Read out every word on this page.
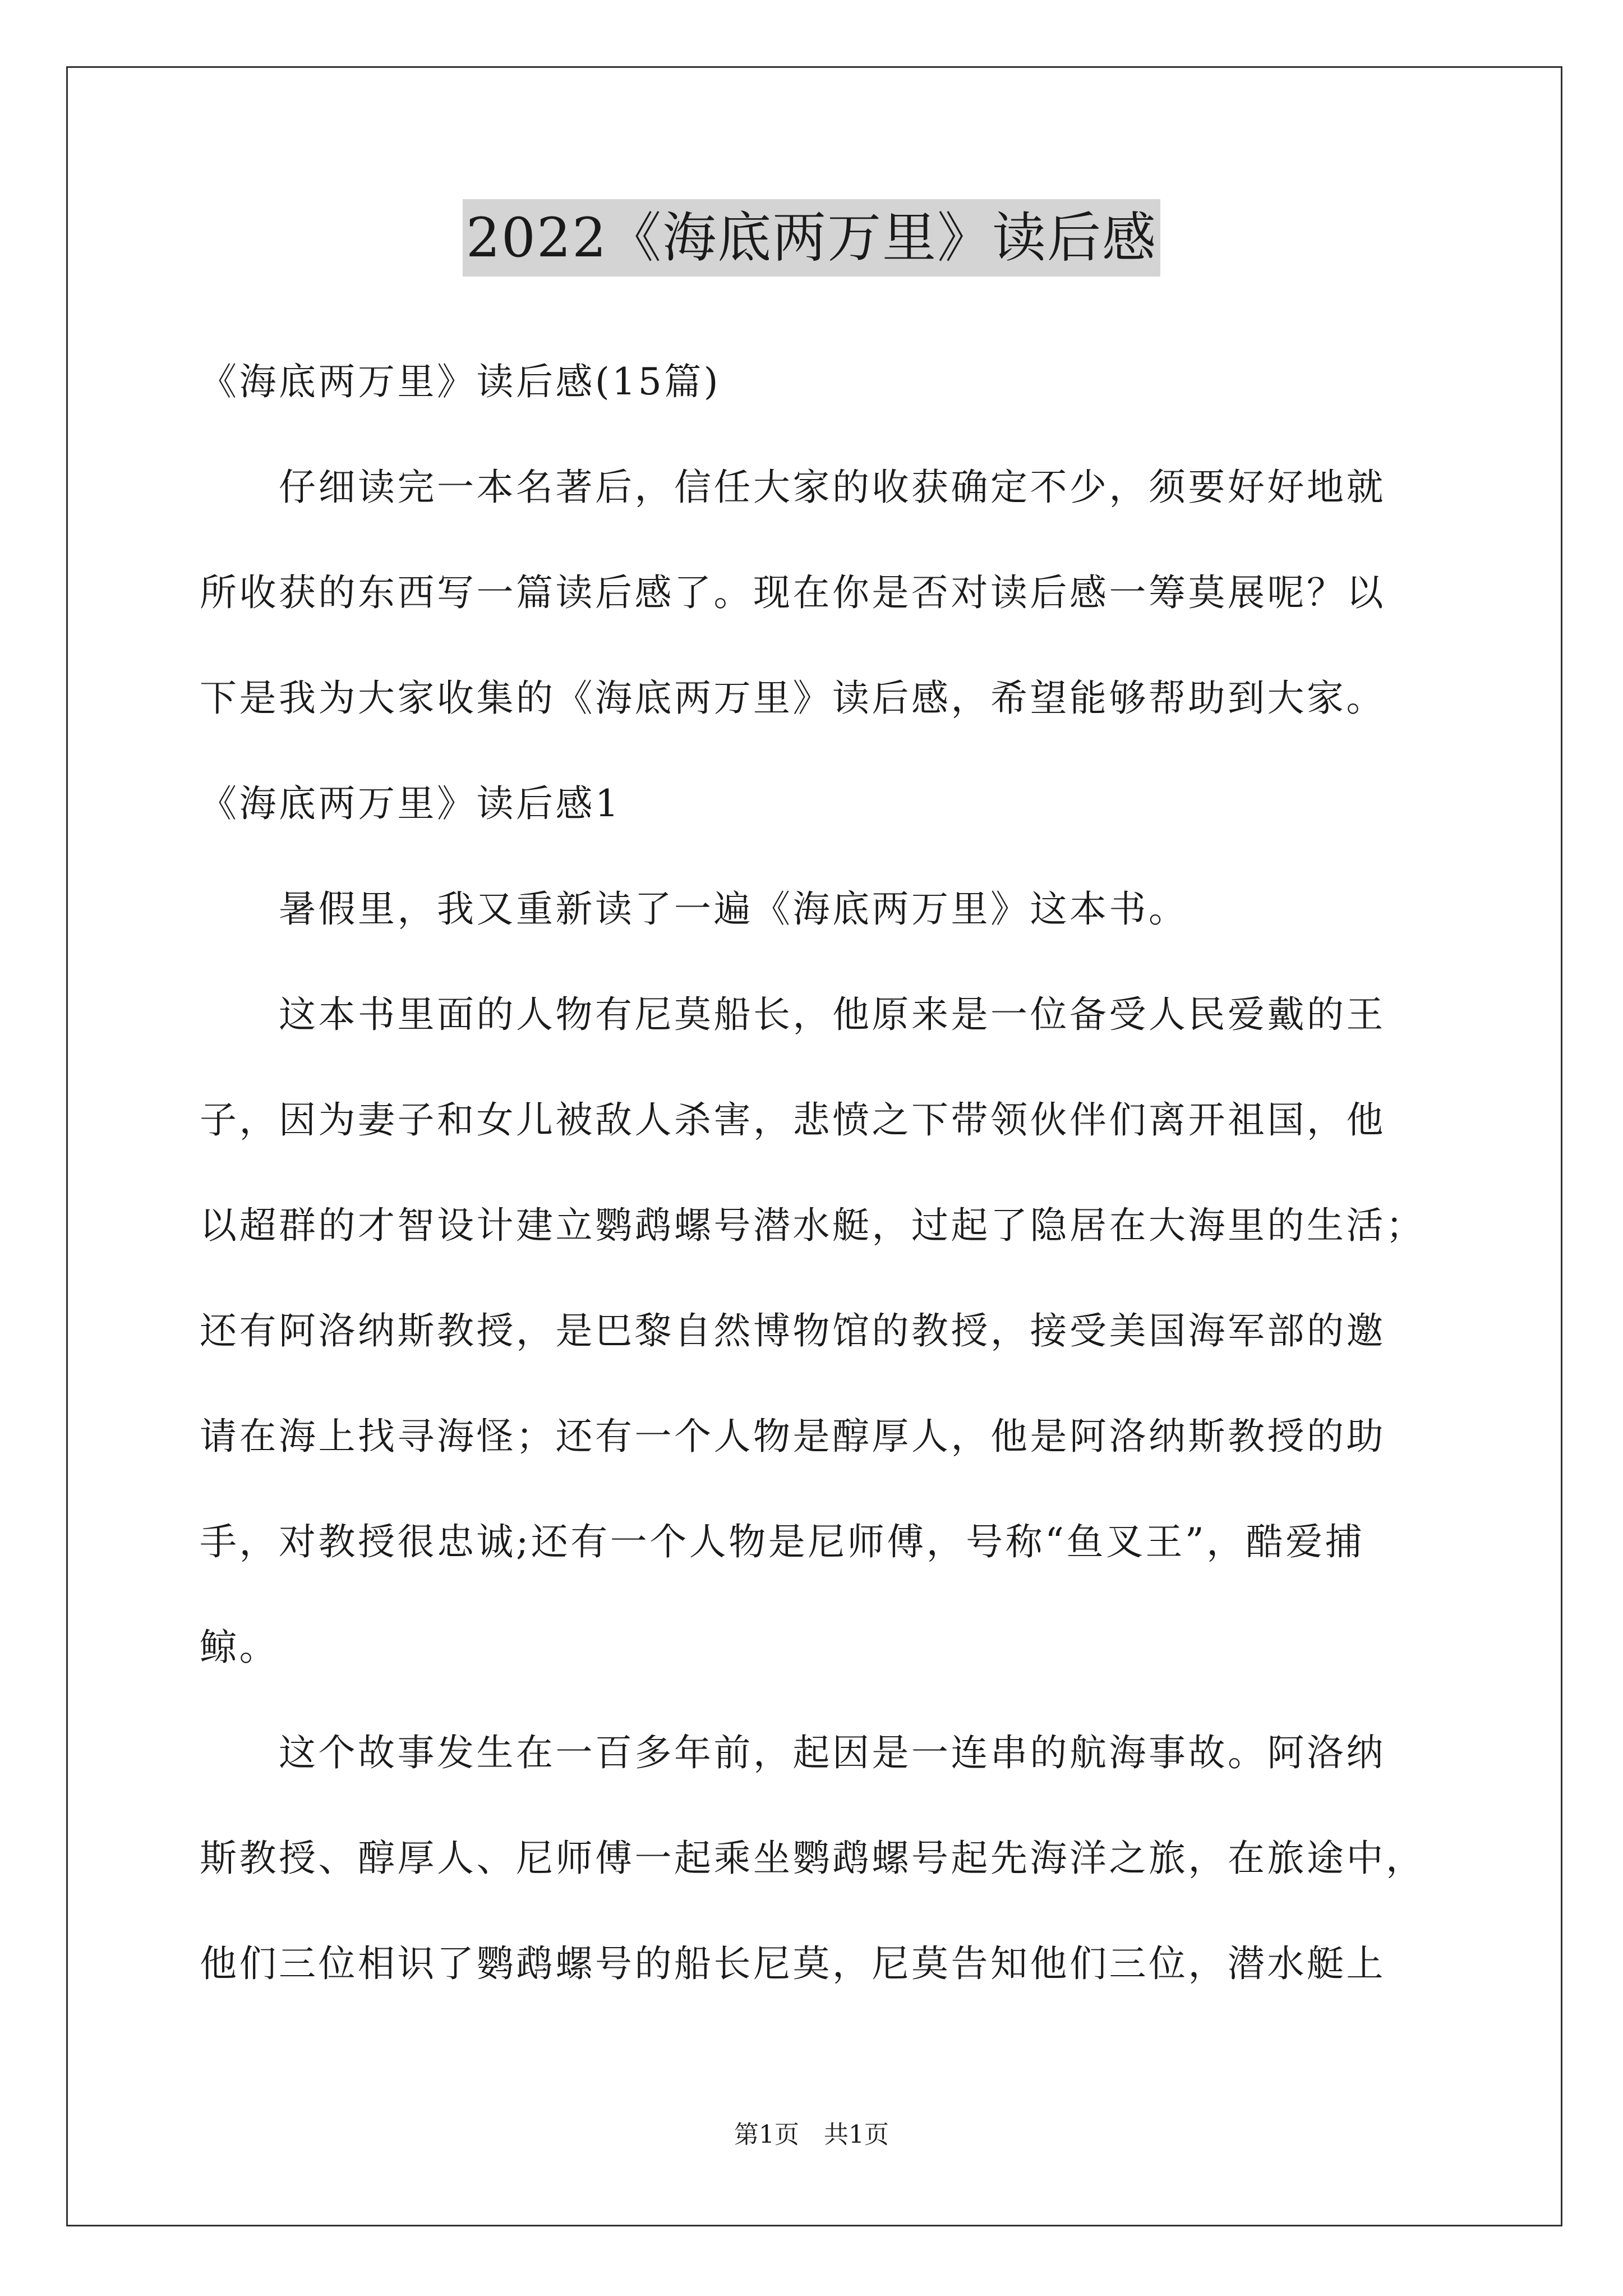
2022《海底两万里》读后感
《海底两万里》读后感(15篇)
　　仔细读完一本名著后，信任大家的收获确定不少，须要好好地就
所收获的东西写一篇读后感了。现在你是否对读后感一筹莫展呢？以
下是我为大家收集的《海底两万里》读后感，希望能够帮助到大家。
《海底两万里》读后感1
　　暑假里，我又重新读了一遍《海底两万里》这本书。
　　这本书里面的人物有尼莫船长，他原来是一位备受人民爱戴的王
子，因为妻子和女儿被敌人杀害，悲愤之下带领伙伴们离开祖国，他
以超群的才智设计建立鹦鹉螺号潜水艇，过起了隐居在大海里的生活；
还有阿洛纳斯教授，是巴黎自然博物馆的教授，接受美国海军部的邀
请在海上找寻海怪；还有一个人物是醇厚人，他是阿洛纳斯教授的助
手，对教授很忠诚;还有一个人物是尼师傅，号称“鱼叉王”，酷爱捕
鲸。
　　这个故事发生在一百多年前，起因是一连串的航海事故。阿洛纳
斯教授、醇厚人、尼师傅一起乘坐鹦鹉螺号起先海洋之旅，在旅途中，
他们三位相识了鹦鹉螺号的船长尼莫，尼莫告知他们三位，潜水艇上
第1页　共1页
